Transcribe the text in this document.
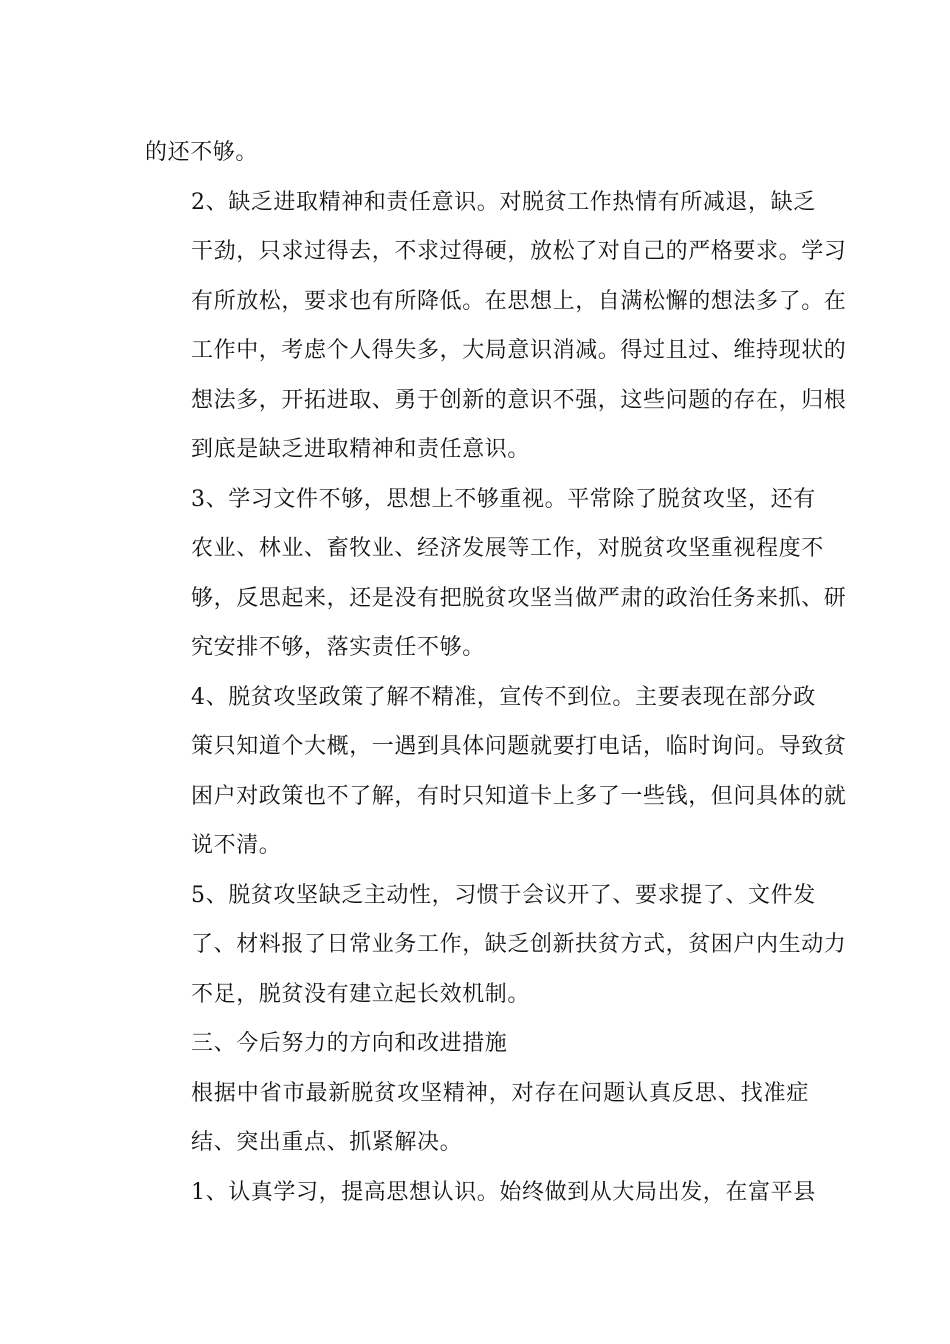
的还不够。

2、缺乏进取精神和责任意识。对脱贫工作热情有所减退，缺乏
干劲，只求过得去，不求过得硬，放松了对自己的严格要求。学习
有所放松，要求也有所降低。在思想上，自满松懈的想法多了。在
工作中，考虑个人得失多，大局意识消减。得过且过、维持现状的
想法多，开拓进取、勇于创新的意识不强，这些问题的存在，归根
到底是缺乏进取精神和责任意识。

3、学习文件不够，思想上不够重视。平常除了脱贫攻坚，还有
农业、林业、畜牧业、经济发展等工作，对脱贫攻坚重视程度不
够，反思起来，还是没有把脱贫攻坚当做严肃的政治任务来抓、研
究安排不够，落实责任不够。

4、脱贫攻坚政策了解不精准，宣传不到位。主要表现在部分政
策只知道个大概，一遇到具体问题就要打电话，临时询问。导致贫
困户对政策也不了解，有时只知道卡上多了一些钱，但问具体的就
说不清。

5、脱贫攻坚缺乏主动性，习惯于会议开了、要求提了、文件发
了、材料报了日常业务工作，缺乏创新扶贫方式，贫困户内生动力
不足，脱贫没有建立起长效机制。

三、今后努力的方向和改进措施

根据中省市最新脱贫攻坚精神，对存在问题认真反思、找准症
结、突出重点、抓紧解决。

1、认真学习，提高思想认识。始终做到从大局出发，在富平县
